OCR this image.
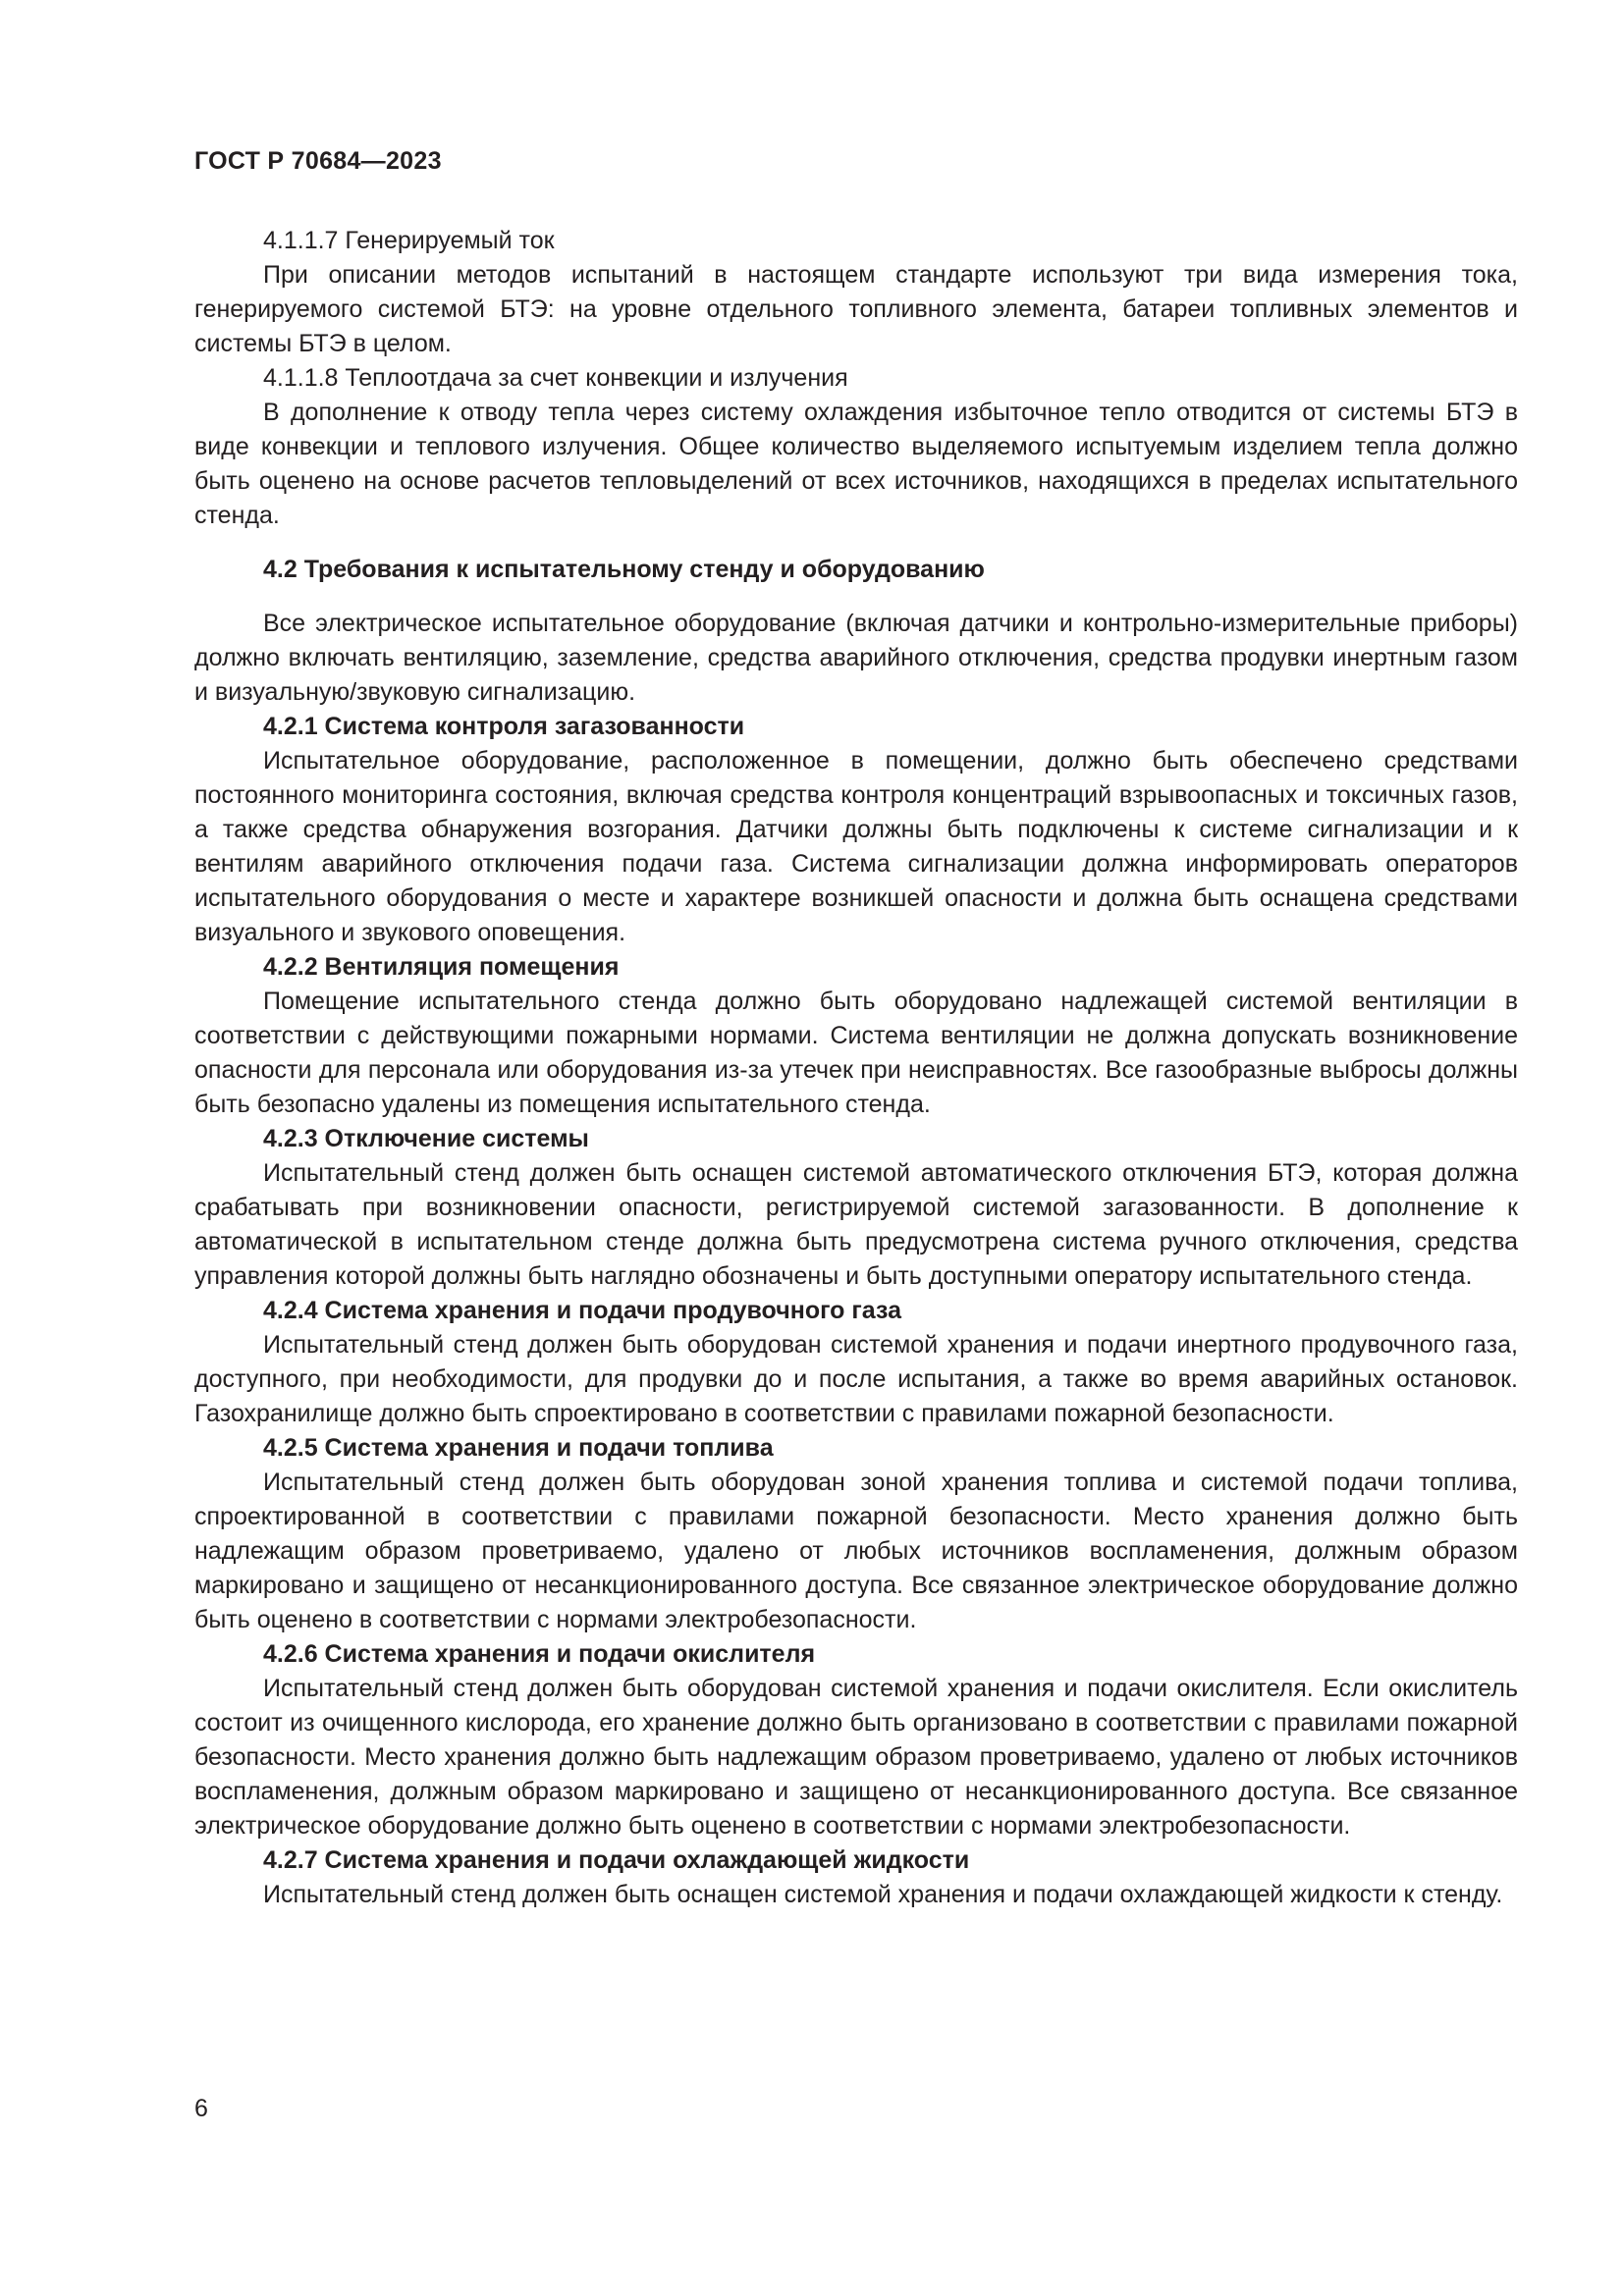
ГОСТ Р 70684—2023

4.1.1.7 Генерируемый ток

При описании методов испытаний в настоящем стандарте используют три вида измерения тока, генерируемого системой БТЭ: на уровне отдельного топливного элемента, батареи топливных элементов и системы БТЭ в целом.

4.1.1.8 Теплоотдача за счет конвекции и излучения

В дополнение к отводу тепла через систему охлаждения избыточное тепло отводится от системы БТЭ в виде конвекции и теплового излучения. Общее количество выделяемого испытуемым изделием тепла должно быть оценено на основе расчетов тепловыделений от всех источников, находящихся в пределах испытательного стенда.

4.2 Требования к испытательному стенду и оборудованию

Все электрическое испытательное оборудование (включая датчики и контрольно-измерительные приборы) должно включать вентиляцию, заземление, средства аварийного отключения, средства продувки инертным газом и визуальную/звуковую сигнализацию.

4.2.1 Система контроля загазованности

Испытательное оборудование, расположенное в помещении, должно быть обеспечено средствами постоянного мониторинга состояния, включая средства контроля концентраций взрывоопасных и токсичных газов, а также средства обнаружения возгорания. Датчики должны быть подключены к системе сигнализации и к вентилям аварийного отключения подачи газа. Система сигнализации должна информировать операторов испытательного оборудования о месте и характере возникшей опасности и должна быть оснащена средствами визуального и звукового оповещения.

4.2.2 Вентиляция помещения

Помещение испытательного стенда должно быть оборудовано надлежащей системой вентиляции в соответствии с действующими пожарными нормами. Система вентиляции не должна допускать возникновение опасности для персонала или оборудования из-за утечек при неисправностях. Все газообразные выбросы должны быть безопасно удалены из помещения испытательного стенда.

4.2.3 Отключение системы

Испытательный стенд должен быть оснащен системой автоматического отключения БТЭ, которая должна срабатывать при возникновении опасности, регистрируемой системой загазованности. В дополнение к автоматической в испытательном стенде должна быть предусмотрена система ручного отключения, средства управления которой должны быть наглядно обозначены и быть доступными оператору испытательного стенда.

4.2.4 Система хранения и подачи продувочного газа

Испытательный стенд должен быть оборудован системой хранения и подачи инертного продувочного газа, доступного, при необходимости, для продувки до и после испытания, а также во время аварийных остановок. Газохранилище должно быть спроектировано в соответствии с правилами пожарной безопасности.

4.2.5 Система хранения и подачи топлива

Испытательный стенд должен быть оборудован зоной хранения топлива и системой подачи топлива, спроектированной в соответствии с правилами пожарной безопасности. Место хранения должно быть надлежащим образом проветриваемо, удалено от любых источников воспламенения, должным образом маркировано и защищено от несанкционированного доступа. Все связанное электрическое оборудование должно быть оценено в соответствии с нормами электробезопасности.

4.2.6 Система хранения и подачи окислителя

Испытательный стенд должен быть оборудован системой хранения и подачи окислителя. Если окислитель состоит из очищенного кислорода, его хранение должно быть организовано в соответствии с правилами пожарной безопасности. Место хранения должно быть надлежащим образом проветриваемо, удалено от любых источников воспламенения, должным образом маркировано и защищено от несанкционированного доступа. Все связанное электрическое оборудование должно быть оценено в соответствии с нормами электробезопасности.

4.2.7 Система хранения и подачи охлаждающей жидкости

Испытательный стенд должен быть оснащен системой хранения и подачи охлаждающей жидкости к стенду.

6
